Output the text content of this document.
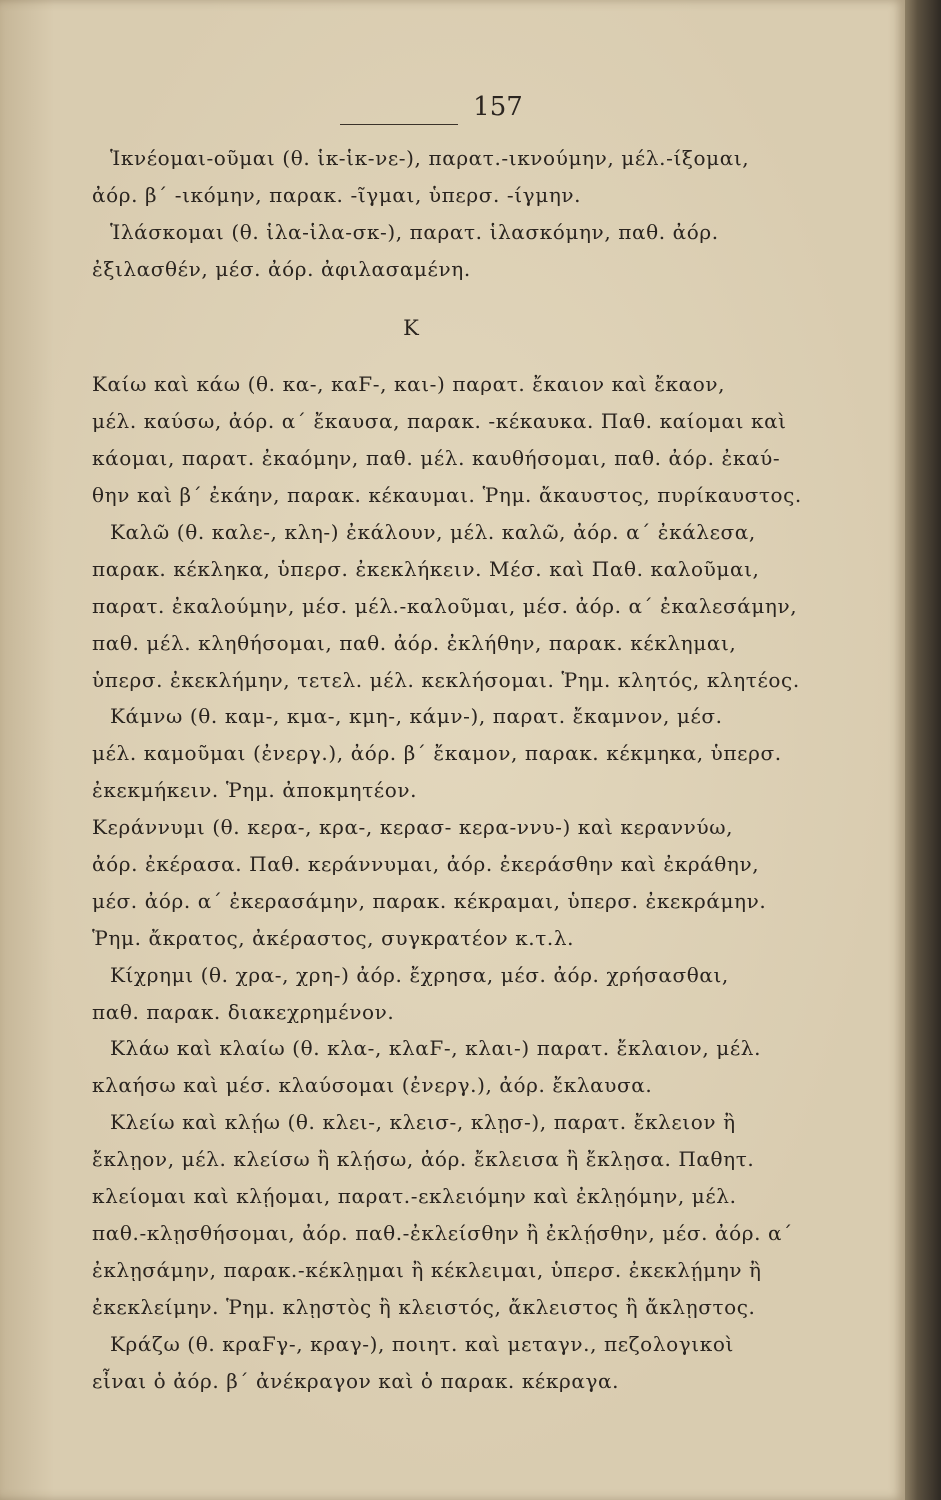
157
Ἱκνέομαι-οῦμαι (θ. ἱκ-ἱκ-νε-), παρατ.-ικνούμην, μέλ.-ίξομαι,
ἀόρ. β΄ -ικόμην, παρακ. -ῖγμαι, ὑπερσ. -ίγμην.
Ἱλάσκομαι (θ. ἱλα-ἱλα-σκ-), παρατ. ἱλασκόμην, παθ. ἀόρ.
ἐξιλασθέν, μέσ. ἀόρ. ἀφιλασαμένη.
Κ
Καίω καὶ κάω (θ. κα-, καϜ-, και-) παρατ. ἔκαιον καὶ ἔκαον,
μέλ. καύσω, ἀόρ. α΄ ἔκαυσα, παρακ. -κέκαυκα. Παθ. καίομαι καὶ
κάομαι, παρατ. ἐκαόμην, παθ. μέλ. καυθήσομαι, παθ. ἀόρ. ἐκαύ-
θην καὶ β΄ ἐκάην, παρακ. κέκαυμαι. Ῥημ. ἄκαυστος, πυρίκαυστος.
Καλῶ (θ. καλε-, κλη-) ἐκάλουν, μέλ. καλῶ, ἀόρ. α΄ ἐκάλεσα,
παρακ. κέκληκα, ὑπερσ. ἐκεκλήκειν. Μέσ. καὶ Παθ. καλοῦμαι,
παρατ. ἐκαλούμην, μέσ. μέλ.-καλοῦμαι, μέσ. ἀόρ. α΄ ἐκαλεσάμην,
παθ. μέλ. κληθήσομαι, παθ. ἀόρ. ἐκλήθην, παρακ. κέκλημαι,
ὑπερσ. ἐκεκλήμην, τετελ. μέλ. κεκλήσομαι. Ῥημ. κλητός, κλητέος.
Κάμνω (θ. καμ-, κμα-, κμη-, κάμν-), παρατ. ἔκαμνον, μέσ.
μέλ. καμοῦμαι (ἐνεργ.), ἀόρ. β΄ ἔκαμον, παρακ. κέκμηκα, ὑπερσ.
ἐκεκμήκειν. Ῥημ. ἀποκμητέον.
Κεράννυμι (θ. κερα-, κρα-, κερασ- κερα-ννυ-) καὶ κεραννύω,
ἀόρ. ἐκέρασα. Παθ. κεράννυμαι, ἀόρ. ἐκεράσθην καὶ ἐκράθην,
μέσ. ἀόρ. α΄ ἐκερασάμην, παρακ. κέκραμαι, ὑπερσ. ἐκεκράμην.
Ῥημ. ἄκρατος, ἀκέραστος, συγκρατέον κ.τ.λ.
Κίχρημι (θ. χρα-, χρη-) ἀόρ. ἔχρησα, μέσ. ἀόρ. χρήσασθαι,
παθ. παρακ. διακεχρημένον.
Κλάω καὶ κλαίω (θ. κλα-, κλαϜ-, κλαι-) παρατ. ἔκλαιον, μέλ.
κλαήσω καὶ μέσ. κλαύσομαι (ἐνεργ.), ἀόρ. ἔκλαυσα.
Κλείω καὶ κλῄω (θ. κλει-, κλεισ-, κλῃσ-), παρατ. ἔκλειον ἢ
ἔκλῃον, μέλ. κλείσω ἢ κλῄσω, ἀόρ. ἔκλεισα ἢ ἔκλῃσα. Παθητ.
κλείομαι καὶ κλῄομαι, παρατ.-εκλειόμην καὶ ἐκλῃόμην, μέλ.
παθ.-κλῃσθήσομαι, ἀόρ. παθ.-ἐκλείσθην ἢ ἐκλῄσθην, μέσ. ἀόρ. α΄
ἐκλῃσάμην, παρακ.-κέκλῃμαι ἢ κέκλειμαι, ὑπερσ. ἐκεκλῄμην ἢ
ἐκεκλείμην. Ῥημ. κλῃστὸς ἢ κλειστός, ἄκλειστος ἢ ἄκλῃστος.
Κράζω (θ. κραϜγ-, κραγ-), ποιητ. καὶ μεταγν., πεζολογικοὶ
εἶναι ὁ ἀόρ. β΄ ἀνέκραγον καὶ ὁ παρακ. κέκραγα.
